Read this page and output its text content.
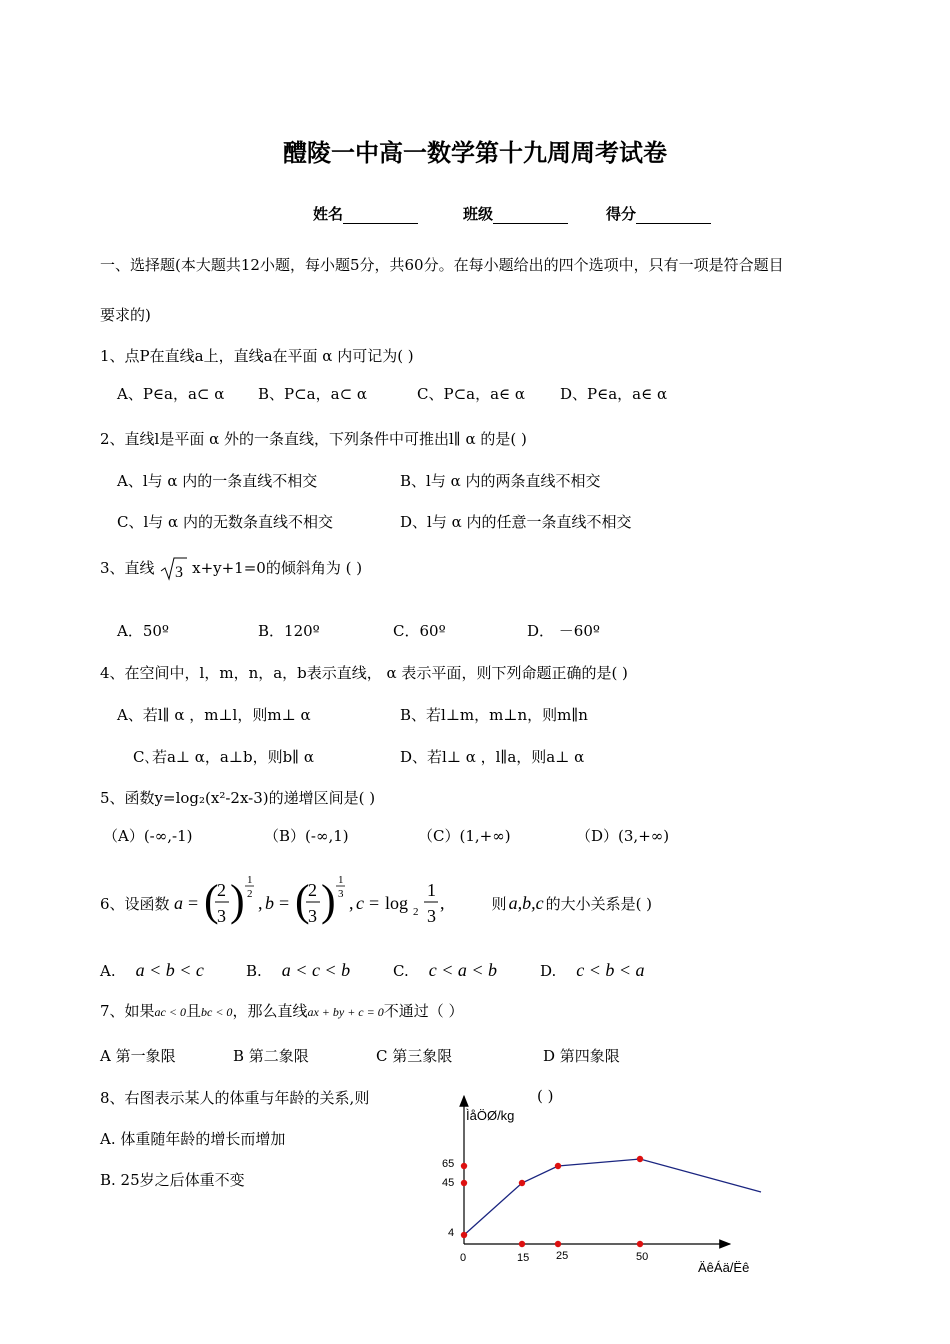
醴陵一中高一数学第十九周周考试卷
姓名	班级	得分
一、选择题(本大题共12小题，每小题5分，共60分。在每小题给出的四个选项中，只有一项是符合题目
要求的)
1、点P在直线a上，直线a在平面 α 内可记为( )
A、P∈a，a⊂ α B、P⊂a，a⊂ α	C、P⊂a，a∈ α D、P∈a，a∈ α
2、直线l是平面 α 外的一条直线，下列条件中可推出l∥ α 的是( )
A、l与 α 内的一条直线不相交	B、l与 α 内的两条直线不相交
C、l与 α 内的无数条直线不相交	D、l与 α 内的任意一条直线不相交
3、直线 3 x+y+1=0的倾斜角为 ( )
A．50º	B．120º	C．60º	D． －60º
4、在空间中，l，m，n，a，b表示直线， α 表示平面，则下列命题正确的是( )
A、若l∥ α ，m⊥l，则m⊥ α	B、若l⊥m，m⊥n，则m∥n
C､若a⊥ α，a⊥b，则b∥ α	D、若l⊥ α ，l∥a，则a⊥ α
5、函数y=log₂(x²-2x-3)的递增区间是( )
（A）(-∞,-1)	（B）(-∞,1)	（C）(1,+∞)	（D）(3,+∞)
6、设函数 a = (
2
3 ) 1
2 , b = (
2
3 ) 1
3 , c = log 2
1
3
,	则 a,b,c 的大小关系是( )
A. a < b < c	B. a < c < b	C. c < a < b	D. c < b < a
7、如果ac < 0且bc < 0，那么直线ax + by + c = 0不通过（ ）
A 第一象限	B 第二象限	C 第三象限	D 第四象限
8、右图表示某人的体重与年龄的关系,则	( )
A. 体重随年龄的增长而增加
B. 25岁之后体重不变
ÌåÖØ/kg
ÄêÁä/Ëê
0	15 25	50
4
45
65
